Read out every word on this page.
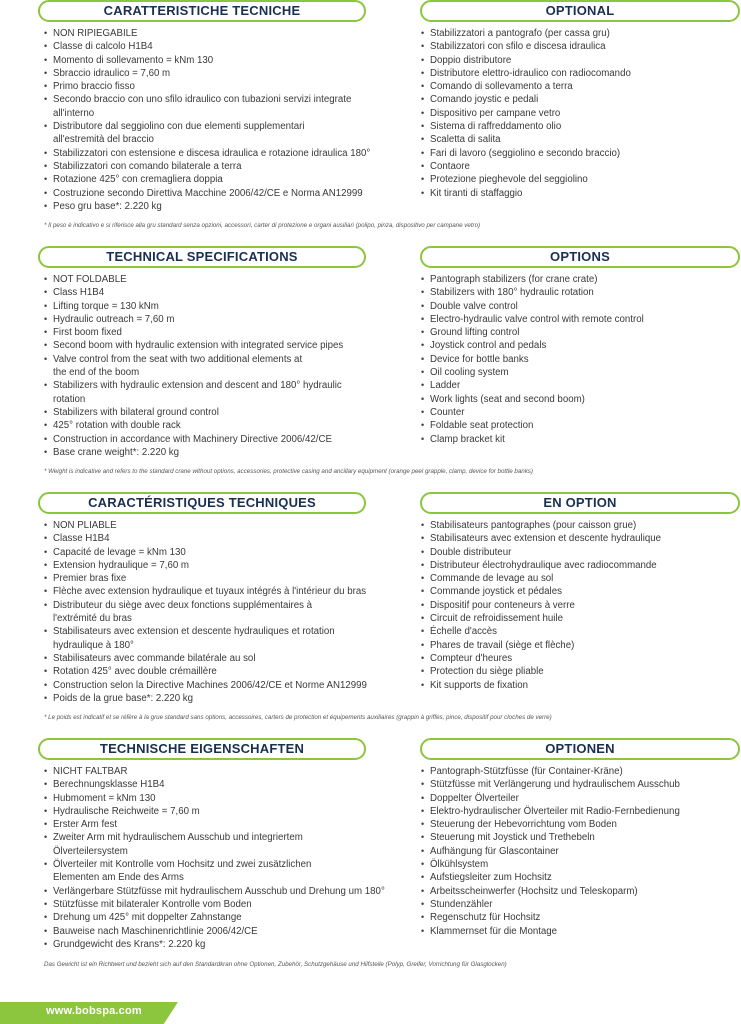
CARATTERISTICHE TECNICHE
• NON RIPIEGABILE
• Classe di calcolo H1B4
• Momento di sollevamento = kNm 130
• Sbraccio idraulico = 7,60 m
• Primo braccio fisso
• Secondo braccio con uno sfilo idraulico con tubazioni servizi integrate
all'interno
• Distributore dal seggiolino con due elementi supplementari
all'estremità del braccio
• Stabilizzatori con estensione e discesa idraulica e rotazione idraulica 180°
• Stabilizzatori con comando bilaterale a terra
• Rotazione 425° con cremagliera doppia
• Costruzione secondo Direttiva Macchine 2006/42/CE e Norma AN12999
• Peso gru base*: 2.220 kg
OPTIONAL
• Stabilizzatori a pantografo (per cassa gru)
• Stabilizzatori con sfilo e discesa idraulica
• Doppio distributore
• Distributore elettro-idraulico con radiocomando
• Comando di sollevamento a terra
• Comando joystic e pedali
• Dispositivo per campane vetro
• Sistema di raffreddamento olio
• Scaletta di salita
• Fari di lavoro (seggiolino e secondo braccio)
• Contaore
• Protezione pieghevole del seggiolino
• Kit tiranti di staffaggio
* Il peso è indicativo e si riferisce alla gru standard senza opzioni, accessori, carter di protezione e organi ausiliari (polipo, pinza, dispositivo per campane vetro)
TECHNICAL SPECIFICATIONS
• NOT FOLDABLE
• Class H1B4
• Lifting torque = 130 kNm
• Hydraulic outreach = 7,60 m
• First boom fixed
• Second boom with hydraulic extension with integrated service pipes
• Valve control from the seat with two additional elements at
the end of the boom
• Stabilizers with hydraulic extension and descent and 180° hydraulic
rotation
• Stabilizers with bilateral ground control
• 425° rotation with double rack
• Construction in accordance with Machinery Directive 2006/42/CE
• Base crane weight*: 2.220 kg
OPTIONS
• Pantograph stabilizers (for crane crate)
• Stabilizers with 180° hydraulic rotation
• Double valve control
• Electro-hydraulic valve control with remote control
• Ground lifting control
• Joystick control and pedals
• Device for bottle banks
• Oil cooling system
• Ladder
• Work lights (seat and second boom)
• Counter
• Foldable seat protection
• Clamp bracket kit
* Weight is indicative and refers to the standard crane without options, accessories, protective casing and ancillary equipment (orange peel grapple, clamp, device for bottle banks)
CARACTÉRISTIQUES TECHNIQUES
• NON PLIABLE
• Classe H1B4
• Capacité de levage = kNm 130
• Extension hydraulique = 7,60 m
• Premier bras fixe
• Flèche avec extension hydraulique et tuyaux intégrés à l'intérieur du bras
• Distributeur du siège avec deux fonctions supplémentaires à
l'extrémité du bras
• Stabilisateurs avec extension et descente hydrauliques et rotation
hydraulique à 180°
• Stabilisateurs avec commande bilatérale au sol
• Rotation 425° avec double crémaillère
• Construction selon la Directive Machines 2006/42/CE et Norme AN12999
• Poids de la grue base*: 2.220 kg
EN OPTION
• Stabilisateurs pantographes (pour caisson grue)
• Stabilisateurs avec extension et descente hydraulique
• Double distributeur
• Distributeur électrohydraulique avec radiocommande
• Commande de levage au sol
• Commande joystick et pédales
• Dispositif pour conteneurs à verre
• Circuit de refroidissement huile
• Échelle d'accès
• Phares de travail (siège et flèche)
• Compteur d'heures
• Protection du siège pliable
• Kit supports de fixation
* Le poids est indicatif et se réfère à la grue standard sans options, accessoires, carters de protection et équipements auxiliaires (grappin à griffes, pince, dispositif pour cloches de verre)
TECHNISCHE EIGENSCHAFTEN
• NICHT FALTBAR
• Berechnungsklasse H1B4
• Hubmoment = kNm 130
• Hydraulische Reichweite = 7,60 m
• Erster Arm fest
• Zweiter Arm mit hydraulischem Ausschub und integriertem
Ölverteilersystem
• Ölverteiler mit Kontrolle vom Hochsitz und zwei zusätzlichen
Elementen am Ende des Arms
• Verlängerbare Stützfüsse mit hydraulischem Ausschub und Drehung um 180°
• Stützfüsse mit bilateraler Kontrolle vom Boden
• Drehung um 425° mit doppelter Zahnstange
• Bauweise nach Maschinenrichtlinie 2006/42/CE
• Grundgewicht des Krans*: 2.220 kg
OPTIONEN
• Pantograph-Stützfüsse (für Container-Kräne)
• Stützfüsse mit Verlängerung und hydraulischem Ausschub
• Doppelter Ölverteiler
• Elektro-hydraulischer Ölverteiler mit Radio-Fernbedienung
• Steuerung der Hebevorrichtung vom Boden
• Steuerung mit Joystick und Trethebeln
• Aufhängung für Glascontainer
• Ölkühlsystem
• Aufstiegsleiter zum Hochsitz
• Arbeitsscheinwerfer (Hochsitz und Teleskoparm)
• Stundenzähler
• Regenschutz für Hochsitz
• Klammernset für die Montage
Das Gewicht ist ein Richtwert und bezieht sich auf den Standardkran ohne Optionen, Zubehör, Schutzgehäuse und Hilfsteile (Polyp, Greifer, Vorrichtung für Glasglocken)
www.bobspa.com
